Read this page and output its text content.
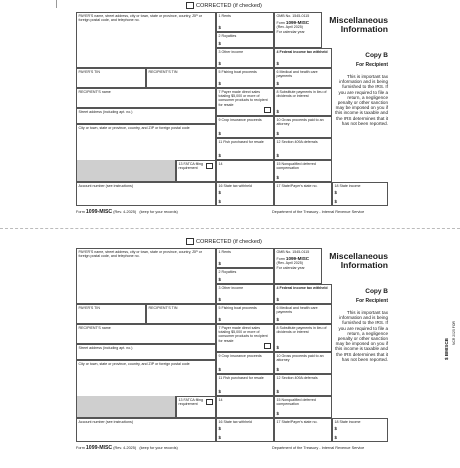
CORRECTED (if checked)
PAYER'S name, street address, city or town, state or province, country, ZIP or foreign postal code, and telephone no.
1 Rents
$
2 Royalties
$
OMB No. 1545-0115
Form 1099-MISC
(Rev. April 2025)
For calendar year
3 Other income
$
4 Federal income tax withheld
$
PAYER'S TIN	RECIPIENT'S TIN	5 Fishing boat proceeds
$
6 Medical and health care payments
$
RECIPIENT'S name
Street address (including apt. no.)
City or town, state or province, country, and ZIP or foreign postal code
7 Payer made direct sales totaling $5,000 or more of consumer products to recipient for resale
8 Substitute payments in lieu of dividends or interest
$
9 Crop insurance proceeds
$
10 Gross proceeds paid to an attorney
$
11 Fish purchased for resale
$
12 Section 409A deferrals
$
13 FATCA filing requirement
14	15 Nonqualified deferred compensation
$
Account number (see instructions)	16 State tax withheld
$
$
17 State/Payer's state no.	18 State income
$
$
Miscellaneous
Information
Copy B
For Recipient
This is important tax information and is being furnished to the IRS. If you are required to file a return, a negligence penalty or other sanction may be imposed on you if this income is taxable and the IRS determines that it has not been reported.
Form 1099-MISC (Rev. 4-2025) (keep for your records)	Department of the Treasury - Internal Revenue Service
CORRECTED (if checked)
PAYER'S name, street address, city or town, state or province, country, ZIP or foreign postal code, and telephone no.
1 Rents
$
2 Royalties
$
OMB No. 1545-0115
Form 1099-MISC
(Rev. April 2025)
For calendar year
3 Other income
$
4 Federal income tax withheld
$
PAYER'S TIN	RECIPIENT'S TIN	5 Fishing boat proceeds
$
6 Medical and health care payments
$
RECIPIENT'S name
Street address (including apt. no.)
City or town, state or province, country, and ZIP or foreign postal code
7 Payer made direct sales totaling $5,000 or more of consumer products to recipient for resale
8 Substitute payments in lieu of dividends or interest
$
9 Crop insurance proceeds
$
10 Gross proceeds paid to an attorney
$
11 Fish purchased for resale
$
12 Section 409A deferrals
$
13 FATCA filing requirement
14	15 Nonqualified deferred compensation
$
Account number (see instructions)	16 State tax withheld
$
$
17 State/Payer's state no.	18 State income
$
$
Miscellaneous
Information
Copy B
For Recipient
This is important tax information and is being furnished to the IRS. If you are required to file a return, a negligence penalty or other sanction may be imposed on you if this income is taxable and the IRS determines that it has not been reported.
Form 1099-MISC (Rev. 4-2025) (keep for your records)	Department of the Treasury - Internal Revenue Service
$ BMISCB
NCR 2025 FOR
